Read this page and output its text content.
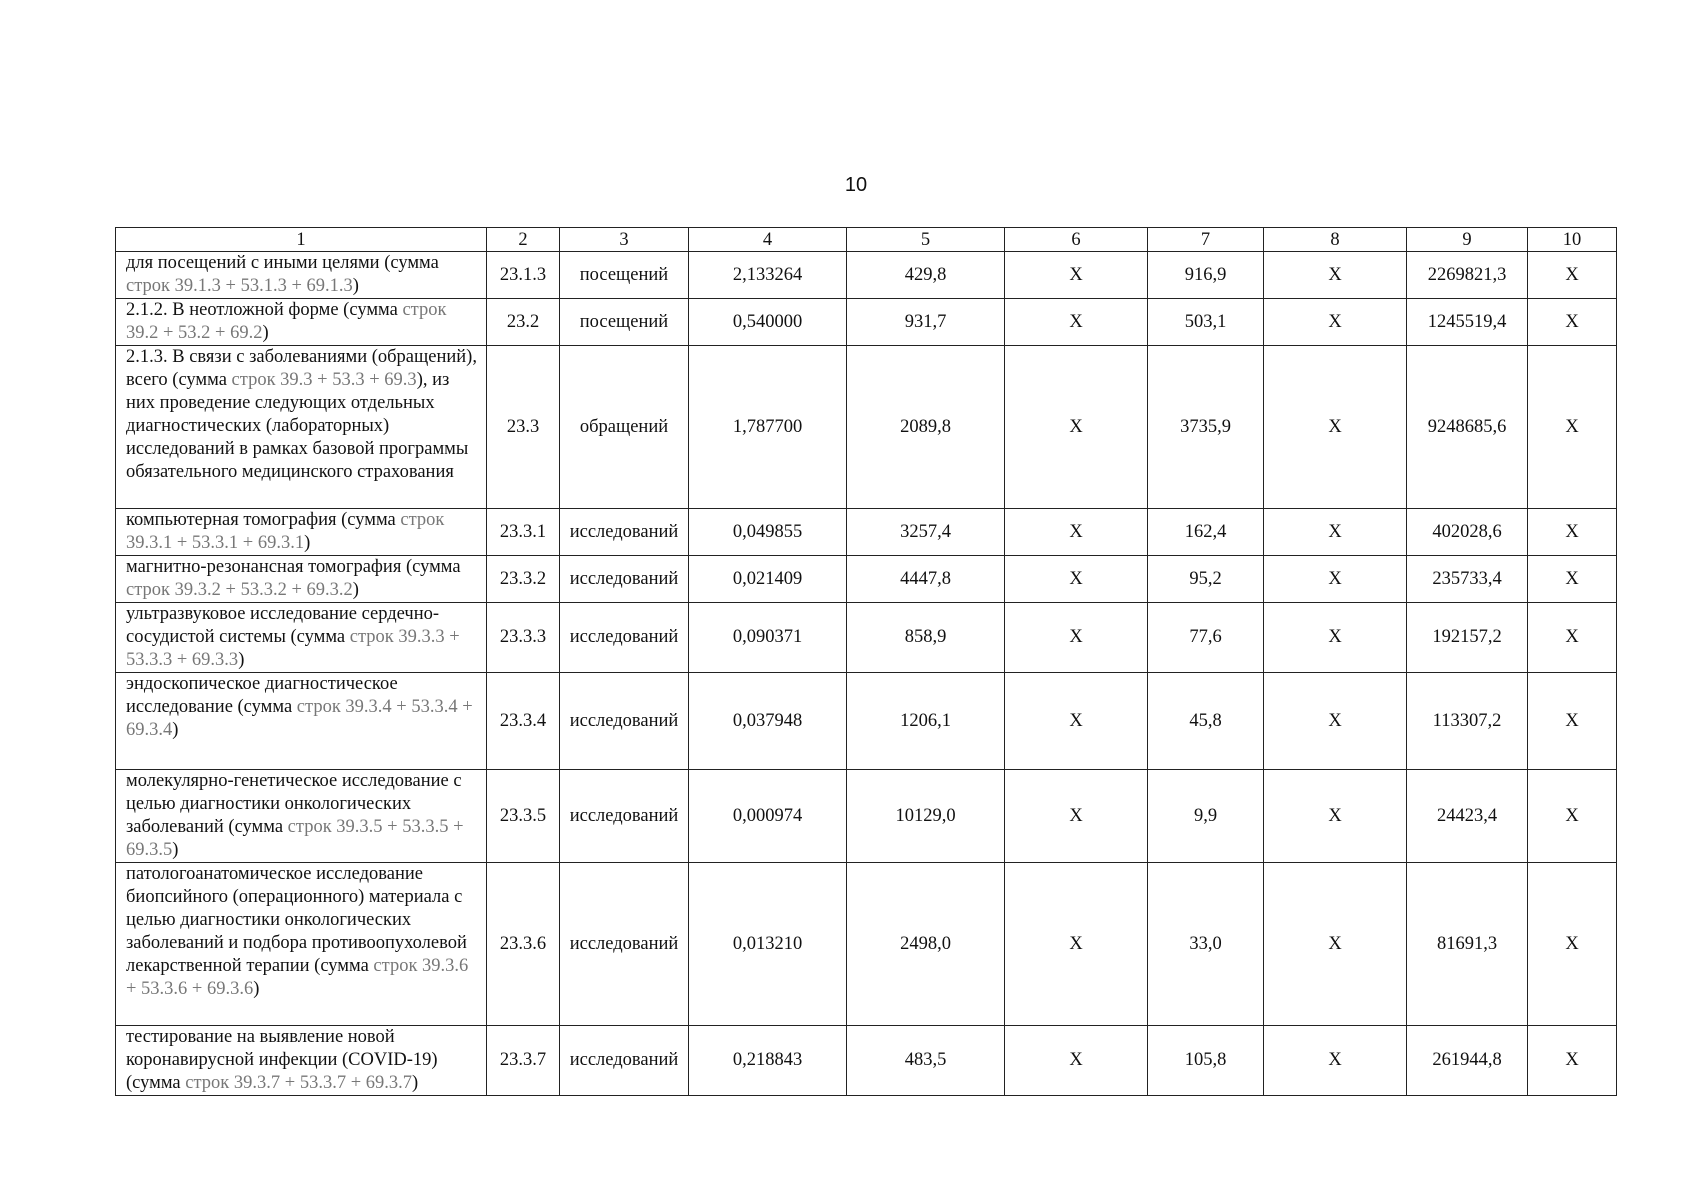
10
1	2	3	4	5	6	7	8	9	10
для посещений с иными целями (сумма строк 39.1.3 + 53.1.3 + 69.1.3)	23.1.3	посещений	2,133264	429,8	X	916,9	X	2269821,3	X
2.1.2. В неотложной форме (сумма строк 39.2 + 53.2 + 69.2)	23.2	посещений	0,540000	931,7	X	503,1	X	1245519,4	X
2.1.3. В связи с заболеваниями (обращений), всего (сумма строк 39.3 + 53.3 + 69.3), из них проведение следующих отдельных диагностических (лабораторных) исследований в рамках базовой программы обязательного медицинского страхования	23.3	обращений	1,787700	2089,8	X	3735,9	X	9248685,6	X
компьютерная томография (сумма строк 39.3.1 + 53.3.1 + 69.3.1)	23.3.1	исследований	0,049855	3257,4	X	162,4	X	402028,6	X
магнитно-резонансная томография (сумма строк 39.3.2 + 53.3.2 + 69.3.2)	23.3.2	исследований	0,021409	4447,8	X	95,2	X	235733,4	X
ультразвуковое исследование сердечно-сосудистой системы (сумма строк 39.3.3 + 53.3.3 + 69.3.3)	23.3.3	исследований	0,090371	858,9	X	77,6	X	192157,2	X
эндоскопическое диагностическое исследование (сумма строк 39.3.4 + 53.3.4 + 69.3.4)	23.3.4	исследований	0,037948	1206,1	X	45,8	X	113307,2	X
молекулярно-генетическое исследование с целью диагностики онкологических заболеваний (сумма строк 39.3.5 + 53.3.5 + 69.3.5)	23.3.5	исследований	0,000974	10129,0	X	9,9	X	24423,4	X
патологоанатомическое исследование биопсийного (операционного) материала с целью диагностики онкологических заболеваний и подбора противоопухолевой лекарственной терапии (сумма строк 39.3.6 + 53.3.6 + 69.3.6)	23.3.6	исследований	0,013210	2498,0	X	33,0	X	81691,3	X
тестирование на выявление новой коронавирусной инфекции (COVID-19) (сумма строк 39.3.7 + 53.3.7 + 69.3.7)	23.3.7	исследований	0,218843	483,5	X	105,8	X	261944,8	X
